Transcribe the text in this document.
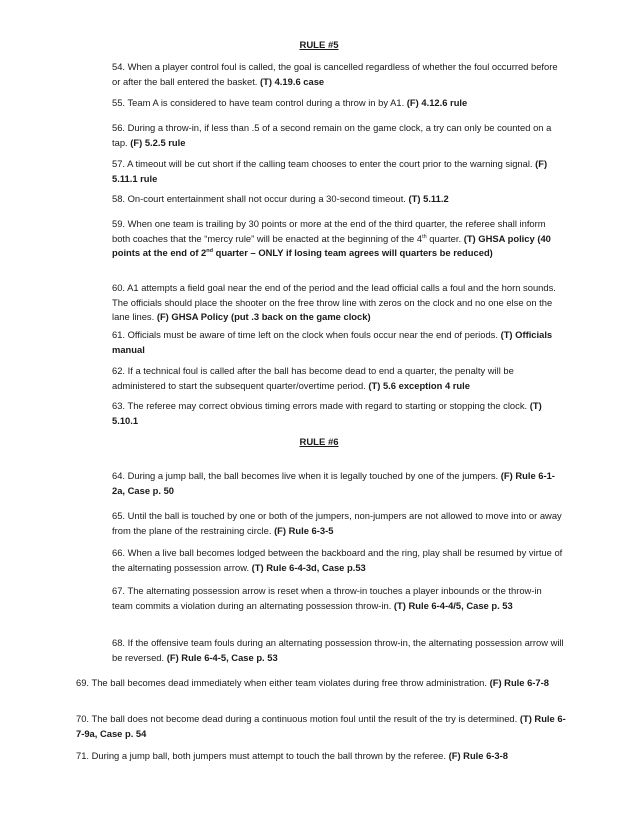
RULE #5

54. When a player control foul is called, the goal is cancelled regardless of whether the foul occurred before or after the ball entered the basket. (T) 4.19.6 case

55. Team A is considered to have team control during a throw in by A1. (F) 4.12.6 rule

56. During a throw-in, if less than .5 of a second remain on the game clock, a try can only be counted on a tap. (F) 5.2.5 rule

57. A timeout will be cut short if the calling team chooses to enter the court prior to the warning signal. (F) 5.11.1 rule

58. On-court entertainment shall not occur during a 30-second timeout. (T) 5.11.2

59. When one team is trailing by 30 points or more at the end of the third quarter, the referee shall inform both coaches that the “mercy rule” will be enacted at the beginning of the 4th quarter. (T) GHSA policy (40 points at the end of 2nd quarter – ONLY if losing team agrees will quarters be reduced)

60. A1 attempts a field goal near the end of the period and the lead official calls a foul and the horn sounds. The officials should place the shooter on the free throw line with zeros on the clock and no one else on the lane lines. (F) GHSA Policy (put .3 back on the game clock)

61. Officials must be aware of time left on the clock when fouls occur near the end of periods. (T) Officials manual

62. If a technical foul is called after the ball has become dead to end a quarter, the penalty will be administered to start the subsequent quarter/overtime period. (T) 5.6 exception 4 rule

63. The referee may correct obvious timing errors made with regard to starting or stopping the clock. (T) 5.10.1

RULE #6

64. During a jump ball, the ball becomes live when it is legally touched by one of the jumpers. (F) Rule 6-1-2a, Case p. 50

65. Until the ball is touched by one or both of the jumpers, non-jumpers are not allowed to move into or away from the plane of the restraining circle. (F) Rule 6-3-5

66. When a live ball becomes lodged between the backboard and the ring, play shall be resumed by virtue of the alternating possession arrow. (T) Rule 6-4-3d, Case p.53

67. The alternating possession arrow is reset when a throw-in touches a player inbounds or the throw-in team commits a violation during an alternating possession throw-in. (T) Rule 6-4-4/5, Case p. 53

68. If the offensive team fouls during an alternating possession throw-in, the alternating possession arrow will be reversed. (F) Rule 6-4-5, Case p. 53

69. The ball becomes dead immediately when either team violates during free throw administration. (F) Rule 6-7-8

70. The ball does not become dead during a continuous motion foul until the result of the try is determined. (T) Rule 6-7-9a, Case p. 54

71. During a jump ball, both jumpers must attempt to touch the ball thrown by the referee. (F) Rule 6-3-8
